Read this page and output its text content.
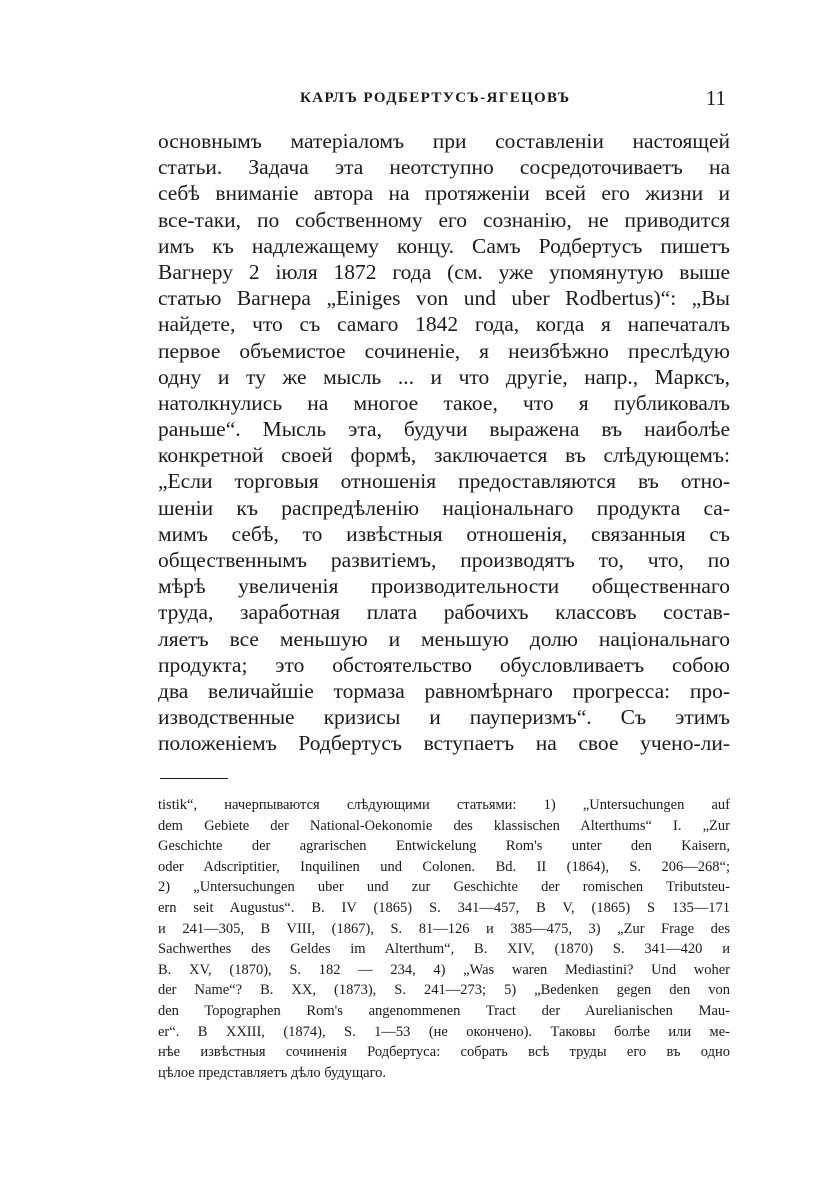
КАРЛЪ РОДБЕРТУСЪ-ЯГЕЦОВЪ	11
основнымъ матерiаломъ при составленiи настоящей
статьи. Задача эта неотступно сосредоточиваетъ на
себѣ вниманiе автора на протяженiи всей его жизни и
все-таки, по собственному его сознанiю, не приводится
имъ къ надлежащему концу. Самъ Родбертусъ пишетъ
Вагнеру 2 iюля 1872 года (см. уже упомянутую выше
статью Вагнера „Einiges von und uber Rodbertus)“: „Вы
найдете, что съ самаго 1842 года, когда я напечаталъ
первое объемистое сочиненiе, я неизбѣжно преслѣдую
одну и ту же мысль ... и что другiе, напр., Марксъ,
натолкнулись на многое такое, что я публиковалъ
раньше“. Мысль эта, будучи выражена въ наиболѣе
конкретной своей формѣ, заключается въ слѣдующемъ:
„Если торговыя отношенiя предоставляются въ отно-
шенiи къ распредѣленiю нацiональнаго продукта са-
мимъ себѣ, то извѣстныя отношенiя, связанныя съ
общественнымъ развитiемъ, производятъ то, что, по
мѣрѣ увеличенiя производительности общественнаго
труда, заработная плата рабочихъ классовъ состав-
ляетъ все меньшую и меньшую долю нацiональнаго
продукта; это обстоятельство обусловливаетъ собою
два величайшiе тормаза равномѣрнаго прогресса: про-
изводственные кризисы и пауперизмъ“. Съ этимъ
положенiемъ Родбертусъ вступаетъ на свое учено-ли-
tistik“, начерпываются слѣдующими статьями: 1) „Untersuchungen auf
dem Gebiete der National-Oekonomie des klassischen Alterthums“ I. „Zur
Geschichte der agrarischen Entwickelung Rom's unter den Kaisern,
oder Adscriptitier, Inquilinen und Colonen. Bd. II (1864), S. 206—268“;
2) „Untersuchungen uber und zur Geschichte der romischen Tributsteu-
ern seit Augustus“. B. IV (1865) S. 341—457, B V, (1865) S 135—171
и 241—305, B VIII, (1867), S. 81—126 и 385—475, 3) „Zur Frage des
Sachwerthes des Geldes im Alterthum“, B. XIV, (1870) S. 341—420 и
B. XV, (1870), S. 182 — 234, 4) „Was waren Mediastini? Und woher
der Name“? B. XX, (1873), S. 241—273; 5) „Bedenken gegen den von
den Topographen Rom's angenommenen Tract der Aurelianischen Mau-
er“. B XXIII, (1874), S. 1—53 (не окончено). Таковы болѣе или ме-
нѣе извѣстныя сочиненiя Родбертуса: собрать всѣ труды его въ одно
цѣлое представляетъ дѣло будущаго.
